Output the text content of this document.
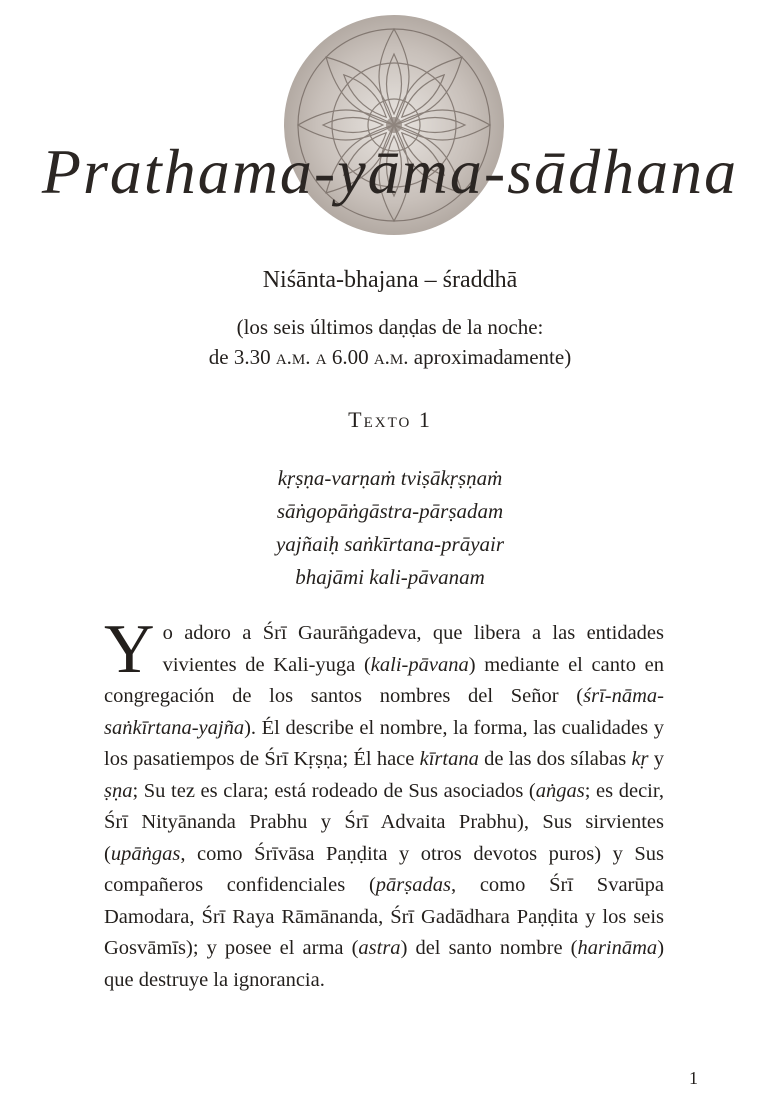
Prathama-yāma-sādhana
Niśānta-bhajana – śraddhā
(los seis últimos daṇḍas de la noche:
de 3.30 a.m. a 6.00 a.m. aproximadamente)
Texto 1
kṛṣṇa-varṇaṁ tviṣākṛṣṇaṁ
sāṅgopāṅgāstra-pārṣadam
yajñaiḥ saṅkīrtana-prāyair
bhajāmi kali-pāvanam
Yo adoro a Śrī Gaurāṅgadeva, que libera a las entidades vivientes de Kali-yuga (kali-pāvana) mediante el canto en congregación de los santos nombres del Señor (śrī-nāma-saṅkīrtana-yajña). Él describe el nombre, la forma, las cualidades y los pasatiempos de Śrī Kṛṣṇa; Él hace kīrtana de las dos sílabas kṛ y ṣṇa; Su tez es clara; está rodeado de Sus asociados (aṅgas; es decir, Śrī Nityānanda Prabhu y Śrī Advaita Prabhu), Sus sirvientes (upāṅgas, como Śrīvāsa Paṇḍita y otros devotos puros) y Sus compañeros confidenciales (pārṣadas, como Śrī Svarūpa Damodara, Śrī Raya Rāmānanda, Śrī Gadādhara Paṇḍita y los seis Gosvāmīs); y posee el arma (astra) del santo nombre (harināma) que destruye la ignorancia.
1
